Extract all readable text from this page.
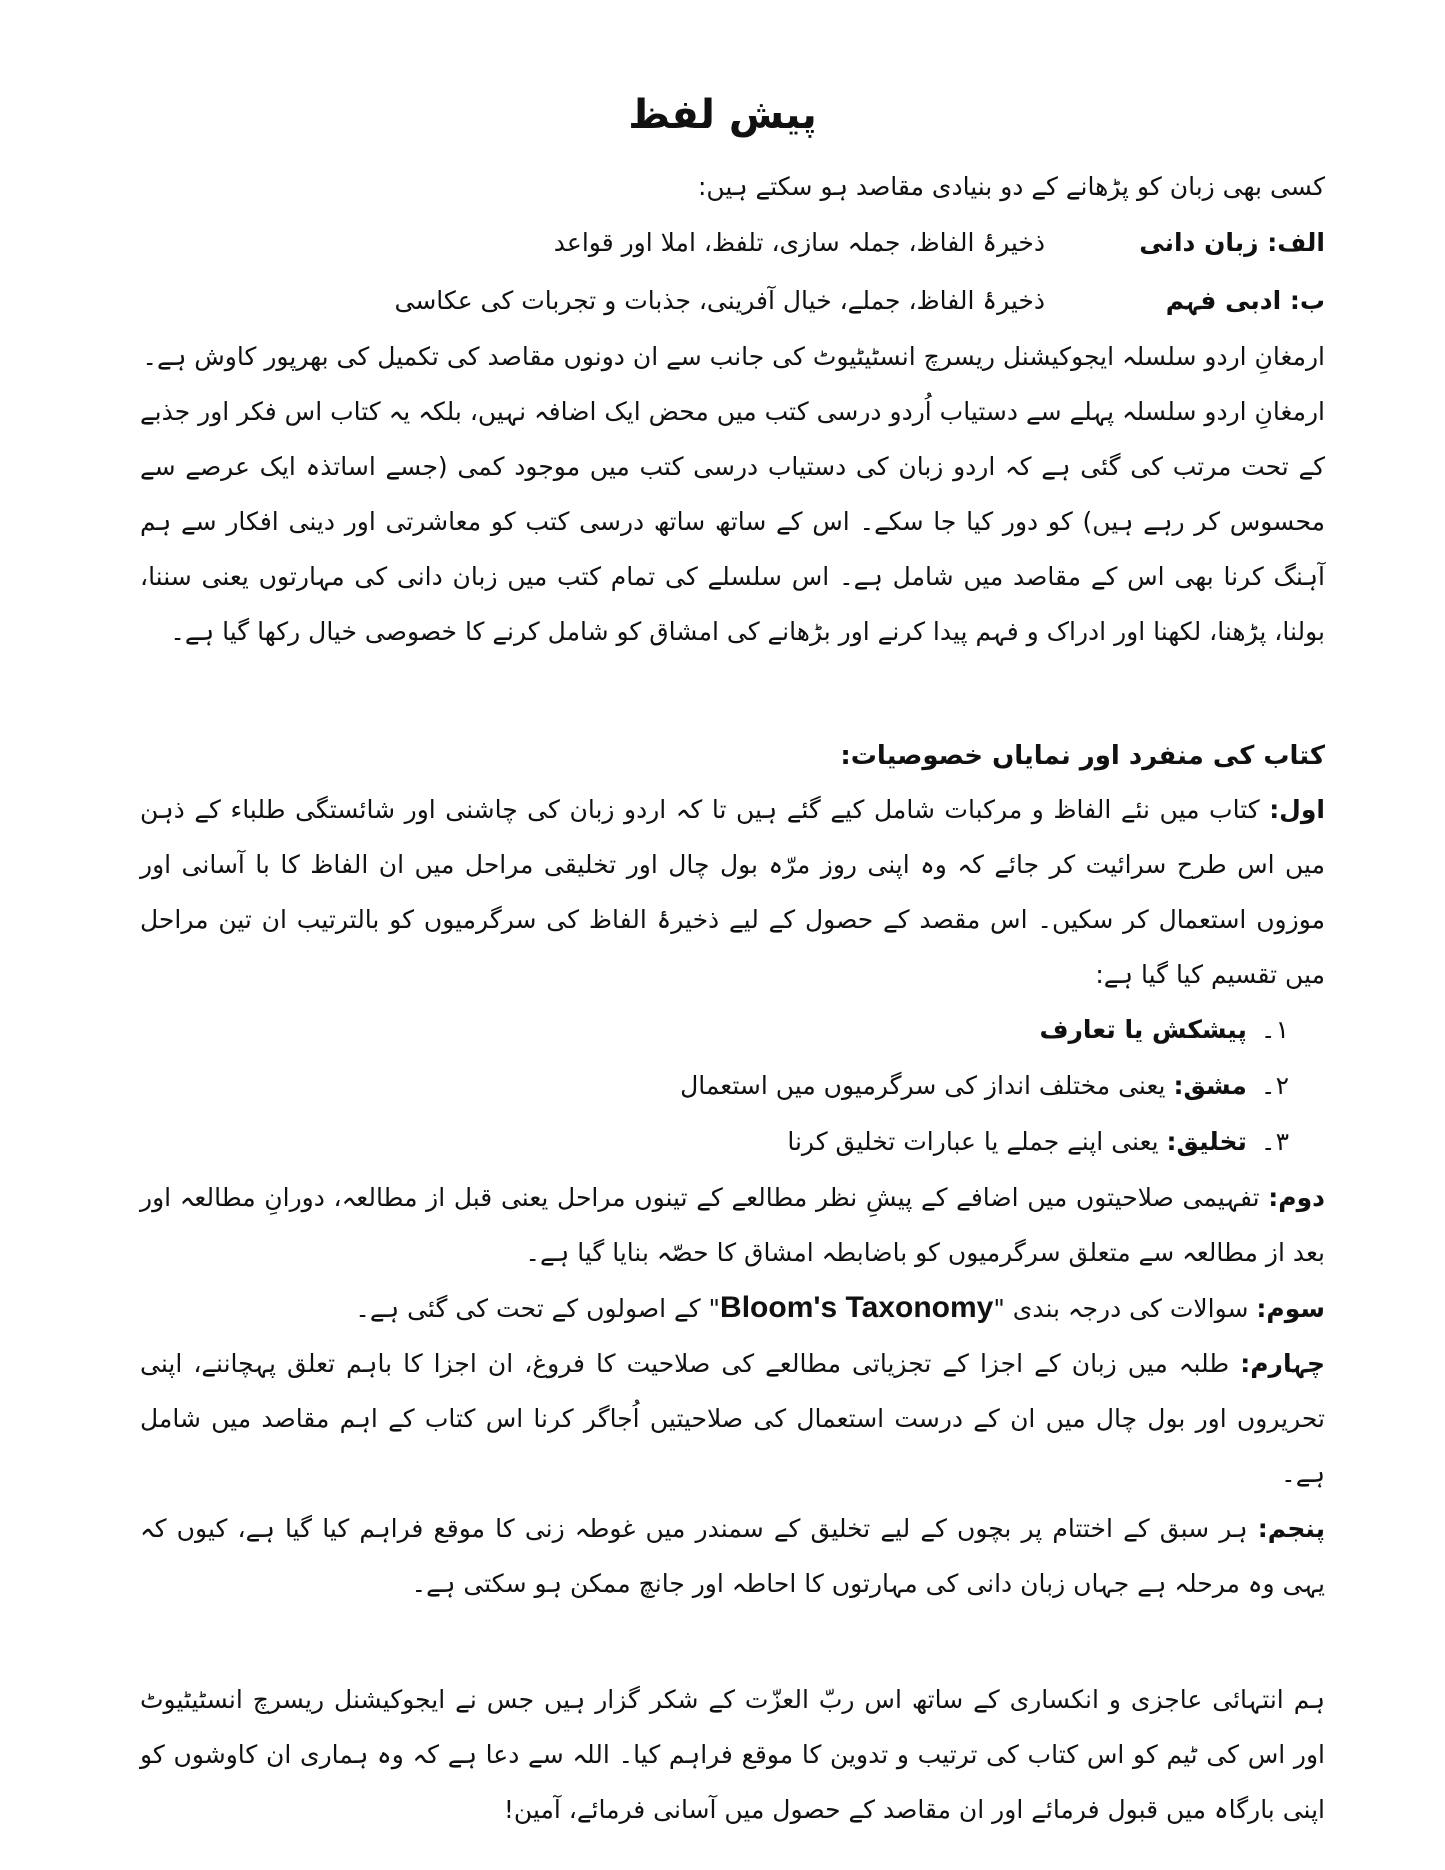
پیش لفظ

کسی بھی زبان کو پڑھانے کے دو بنیادی مقاصد ہو سکتے ہیں:

الف: زبان دانی
ذخیرۂ الفاظ، جملہ سازی، تلفظ، املا اور قواعد
ب: ادبی فہم
ذخیرۂ الفاظ، جملے، خیال آفرینی، جذبات و تجربات کی عکاسی

ارمغانِ اردو سلسلہ ایجوکیشنل ریسرچ انسٹیٹیوٹ کی جانب سے ان دونوں مقاصد کی تکمیل کی بھرپور کاوش ہے۔

ارمغانِ اردو سلسلہ پہلے سے دستیاب اُردو درسی کتب میں محض ایک اضافہ نہیں، بلکہ یہ کتاب اس فکر اور جذبے کے تحت مرتب کی گئی ہے کہ اردو زبان کی دستیاب درسی کتب میں موجود کمی (جسے اساتذہ ایک عرصے سے محسوس کر رہے ہیں) کو دور کیا جا سکے۔ اس کے ساتھ ساتھ درسی کتب کو معاشرتی اور دینی افکار سے ہم آہنگ کرنا بھی اس کے مقاصد میں شامل ہے۔ اس سلسلے کی تمام کتب میں زبان دانی کی مہارتوں یعنی سننا، بولنا، پڑھنا، لکھنا اور ادراک و فہم پیدا کرنے اور بڑھانے کی امشاق کو شامل کرنے کا خصوصی خیال رکھا گیا ہے۔

کتاب کی منفرد اور نمایاں خصوصیات:

اول: کتاب میں نئے الفاظ و مرکبات شامل کیے گئے ہیں تا کہ اردو زبان کی چاشنی اور شائستگی طلباء کے ذہن میں اس طرح سرائیت کر جائے کہ وہ اپنی روز مرّہ بول چال اور تخلیقی مراحل میں ان الفاظ کا با آسانی اور موزوں استعمال کر سکیں۔ اس مقصد کے حصول کے لیے ذخیرۂ الفاظ کی سرگرمیوں کو بالترتیب ان تین مراحل میں تقسیم کیا گیا ہے:

۱۔پیشکش یا تعارف
۲۔مشق: یعنی مختلف انداز کی سرگرمیوں میں استعمال
۳۔تخلیق: یعنی اپنے جملے یا عبارات تخلیق کرنا

دوم: تفہیمی صلاحیتوں میں اضافے کے پیشِ نظر مطالعے کے تینوں مراحل یعنی قبل از مطالعہ، دورانِ مطالعہ اور بعد از مطالعہ سے متعلق سرگرمیوں کو باضابطہ امشاق کا حصّہ بنایا گیا ہے۔

سوم: سوالات کی درجہ بندی "Bloom's Taxonomy" کے اصولوں کے تحت کی گئی ہے۔

چہارم: طلبہ میں زبان کے اجزا کے تجزیاتی مطالعے کی صلاحیت کا فروغ، ان اجزا کا باہم تعلق پہچاننے، اپنی تحریروں اور بول چال میں ان کے درست استعمال کی صلاحیتیں اُجاگر کرنا اس کتاب کے اہم مقاصد میں شامل ہے۔

پنجم: ہر سبق کے اختتام پر بچوں کے لیے تخلیق کے سمندر میں غوطہ زنی کا موقع فراہم کیا گیا ہے، کیوں کہ یہی وہ مرحلہ ہے جہاں زبان دانی کی مہارتوں کا احاطہ اور جانچ ممکن ہو سکتی ہے۔

ہم انتہائی عاجزی و انکساری کے ساتھ اس ربّ العزّت کے شکر گزار ہیں جس نے ایجوکیشنل ریسرچ انسٹیٹیوٹ اور اس کی ٹیم کو اس کتاب کی ترتیب و تدوین کا موقع فراہم کیا۔ اللہ سے دعا ہے کہ وہ ہماری ان کاوشوں کو اپنی بارگاہ میں قبول فرمائے اور ان مقاصد کے حصول میں آسانی فرمائے، آمین!
